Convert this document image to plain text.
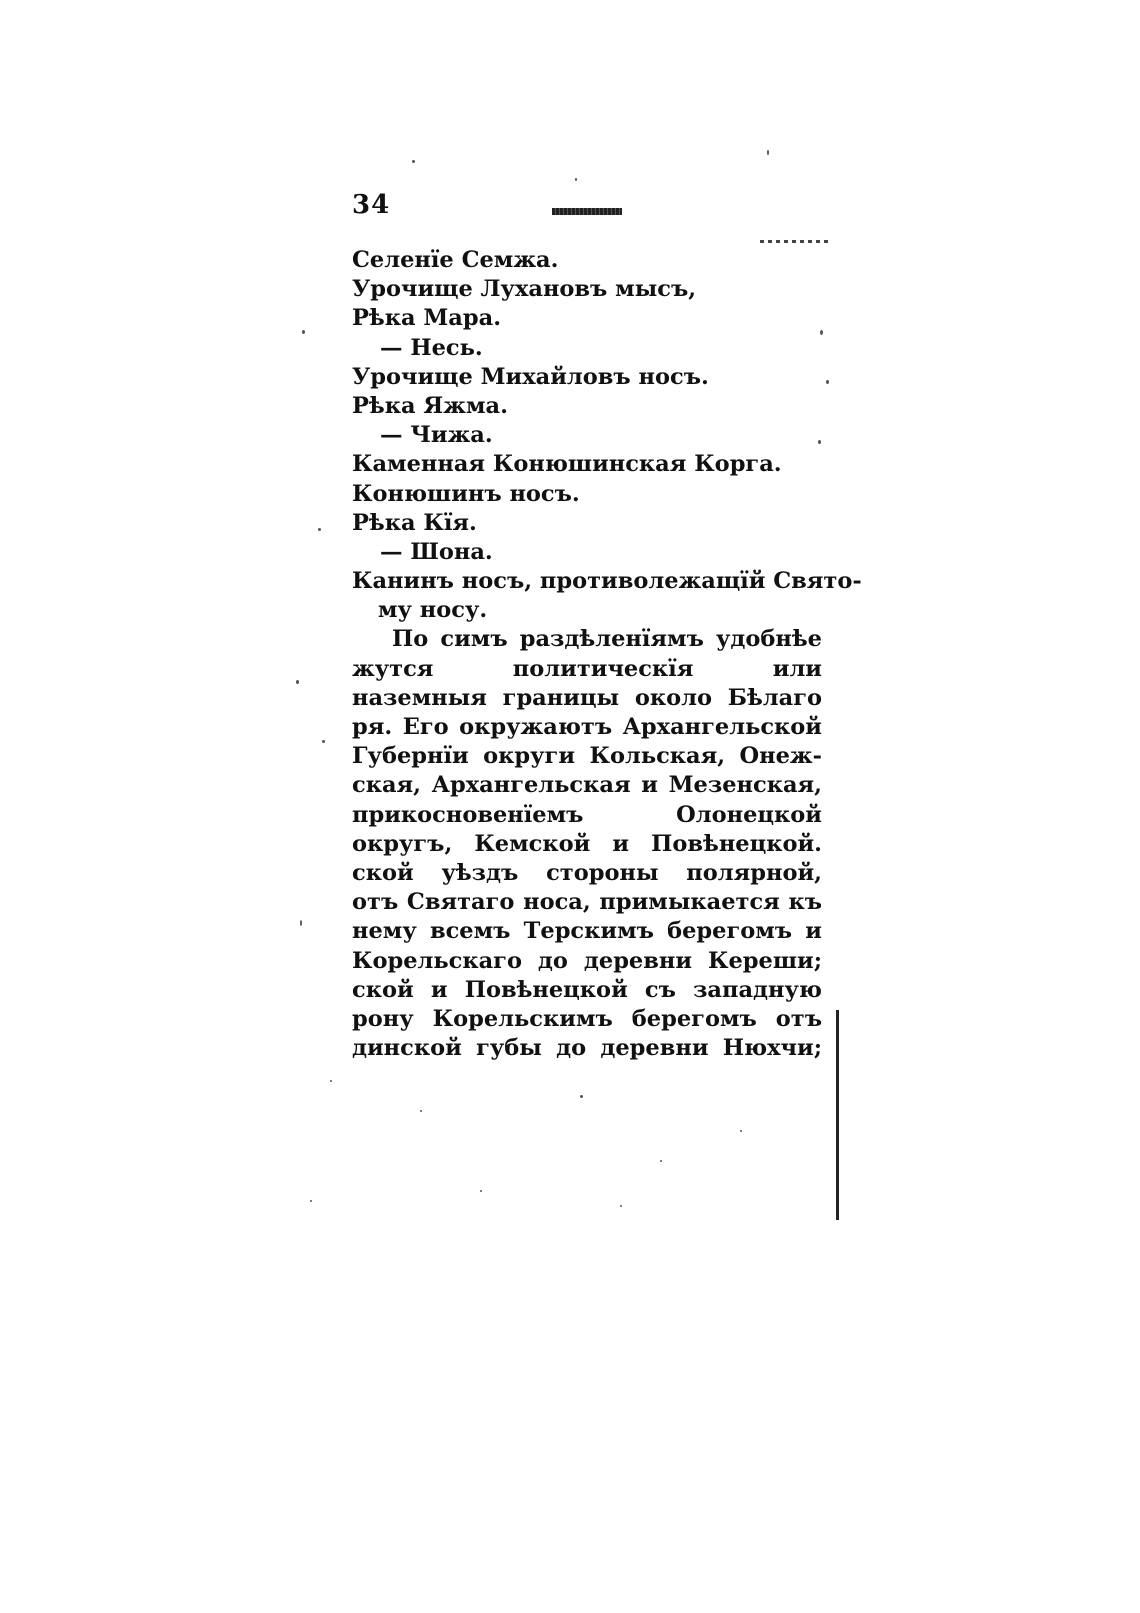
34
Селенїе Семжа.
Урочище Лухановъ мысъ,
Рѣка Мара.
— Несь.
Урочище Михайловъ носъ.
Рѣка Яжма.
— Чижа.
Каменная Конюшинская Корга.
Конюшинъ носъ.
Рѣка Кїя.
— Шона.
Канинъ носъ, противолежащїй Свято-
му носу.
По симъ раздѣленїямъ удобнѣе
жутся политическїя или
наземныя границы около Бѣлаго
ря. Его окружаютъ Архангельской
Губернїи округи Кольская, Онеж-
ская, Архангельская и Мезенская,
прикосновенїемъ Олонецкой
округъ, Кемской и Повѣнецкой.
ской уѣздъ стороны полярной,
отъ Святаго носа, примыкается къ
нему всемъ Терскимъ берегомъ и
Корельскаго до деревни Кереши;
ской и Повѣнецкой съ западную
рону Корельскимъ берегомъ отъ
динской губы до деревни Нюхчи;
